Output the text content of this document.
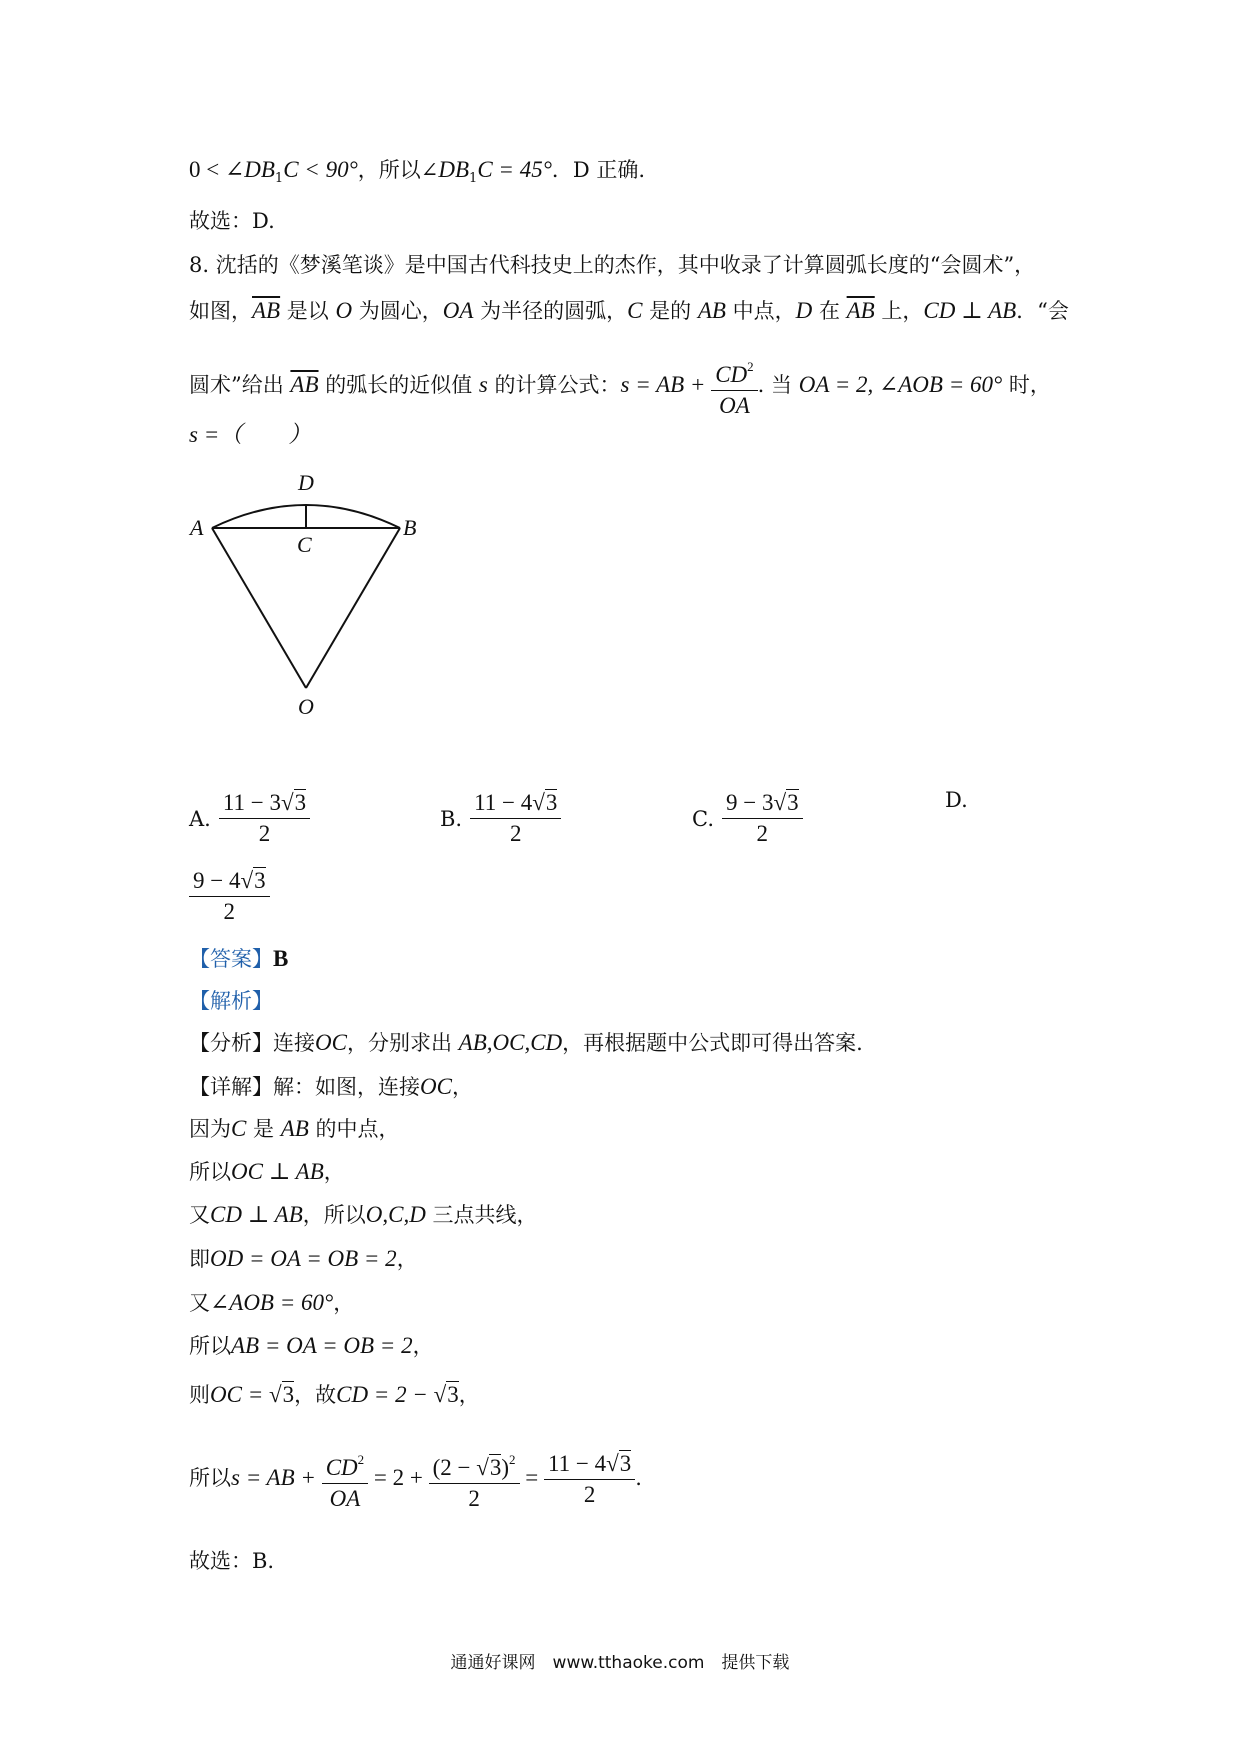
$0 < \angle DB_1C < 90^\circ$，所以$\angle DB_1C = 45^\circ$．D 正确.
故选：D.
8. 沈括的《梦溪笔谈》是中国古代科技史上的杰作，其中收录了计算圆弧长度的“会圆术”，
如图，$\overline{AB}$ 是以 O 为圆心，OA 为半径的圆弧，C 是的 AB 中点，D 在 $\overline{AB}$ 上，CD ⊥ AB．“会
圆术”给出 $\overline{AB}$ 的弧长的近似值 s 的计算公式：s = AB + $\frac{CD^2}{OA}$ . 当 OA = 2, ∠AOB = 60° 时，
s =（　　）
D
A	B
C
O
A. $\frac{11 - 3√3}{2}$	B. $\frac{11 - 4√3}{2}$	C. $\frac{9 - 3√3}{2}$	D.
$\frac{9 - 4√3}{2}$
【答案】B
【解析】
【分析】连接OC，分别求出 AB,OC,CD，再根据题中公式即可得出答案.
【详解】解：如图，连接OC，
因为C 是 AB 的中点，
所以OC ⊥ AB，
又CD ⊥ AB，所以O,C,D 三点共线，
即OD = OA = OB = 2，
又∠AOB = 60°，
所以AB = OA = OB = 2，
则OC = √3，故CD = 2 − √3，
所以s = AB + $\frac{CD^2}{OA} = 2 + \frac{(2 - √3)^2}{2} = \frac{11 - 4√3}{2}$ .
故选：B.
通通好课网　www.tthaoke.com　提供下载
